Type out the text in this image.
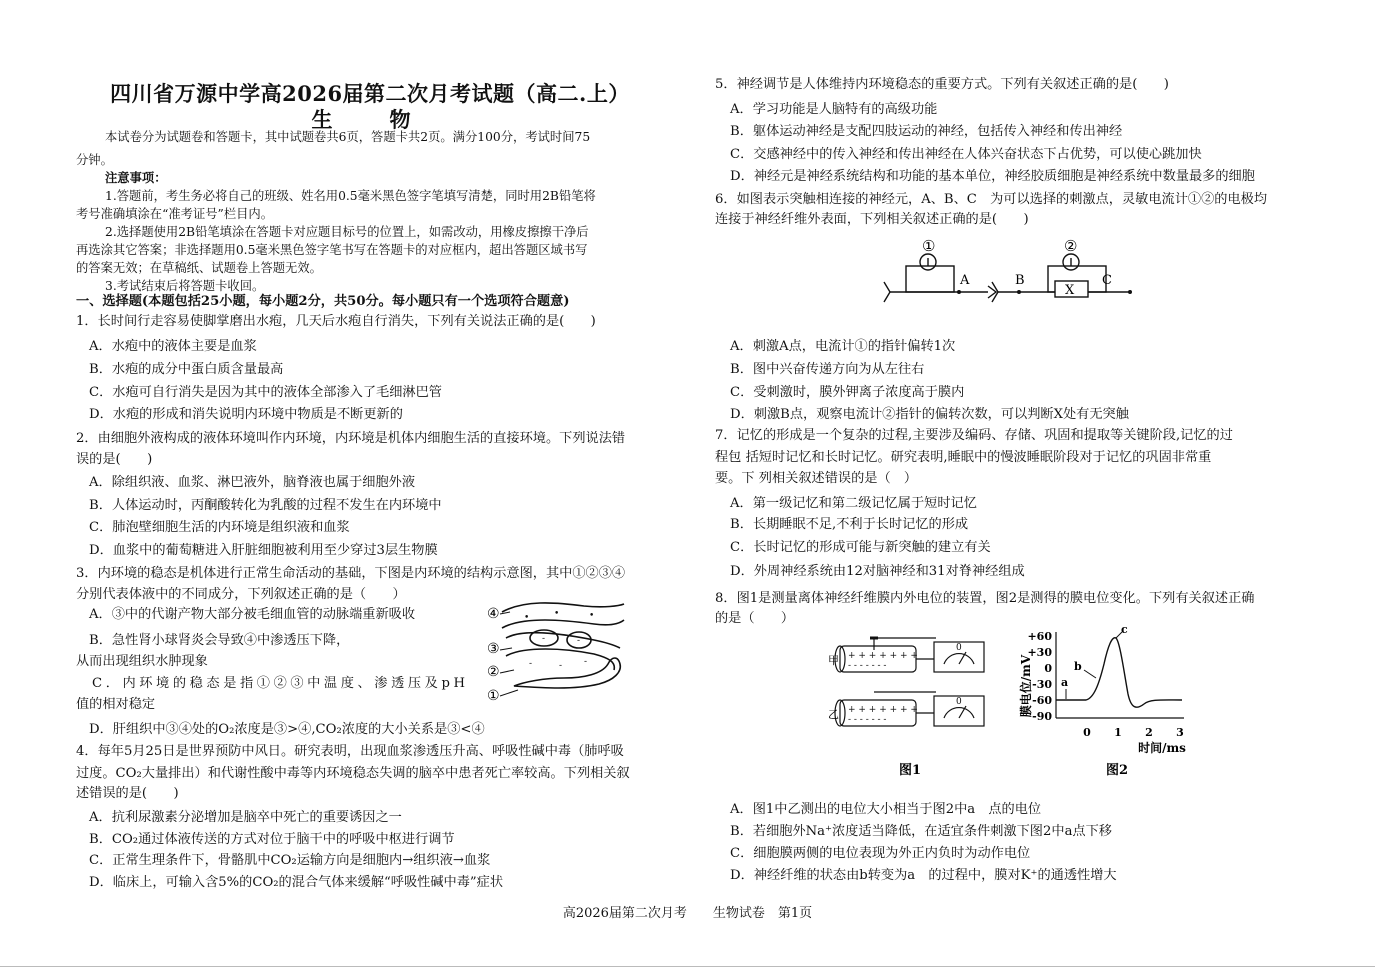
四川省万源中学高2026届第二次月考试题（高二.上）
生　物
本试卷分为试题卷和答题卡，其中试题卷共6页，答题卡共2页。满分100分，考试时间75
分钟。
注意事项：
1.答题前，考生务必将自己的班级、姓名用0.5毫米黑色签字笔填写清楚，同时用2B铅笔将
考号准确填涂在“准考证号”栏目内。
2.选择题使用2B铅笔填涂在答题卡对应题目标号的位置上，如需改动，用橡皮擦擦干净后
再选涂其它答案；非选择题用0.5毫米黑色签字笔书写在答题卡的对应框内，超出答题区域书写
的答案无效；在草稿纸、试题卷上答题无效。
3.考试结束后将答题卡收回。
一、选择题(本题包括25小题，每小题2分，共50分。每小题只有一个选项符合题意)
1．长时间行走容易使脚掌磨出水疱，几天后水疱自行消失，下列有关说法正确的是(　　)
A．水疱中的液体主要是血浆
B．水疱的成分中蛋白质含量最高
C．水疱可自行消失是因为其中的液体全部渗入了毛细淋巴管
D．水疱的形成和消失说明内环境中物质是不断更新的
2．由细胞外液构成的液体环境叫作内环境，内环境是机体内细胞生活的直接环境。下列说法错
误的是(　　)
A．除组织液、血浆、淋巴液外，脑脊液也属于细胞外液
B．人体运动时，丙酮酸转化为乳酸的过程不发生在内环境中
C．肺泡壁细胞生活的内环境是组织液和血浆
D．血浆中的葡萄糖进入肝脏细胞被利用至少穿过3层生物膜
3．内环境的稳态是机体进行正常生命活动的基础，下图是内环境的结构示意图，其中①②③④
分别代表体液中的不同成分，下列叙述正确的是（　　）
A．③中的代谢产物大部分被毛细血管的动脉端重新吸收
B．急性肾小球肾炎会导致④中渗透压下降，
从而出现组织水肿现象
C．内环境的稳态是指①②③中温度、渗透压及pH
值的相对稳定
D．肝组织中③④处的O₂浓度是③>④,CO₂浓度的大小关系是③<④
④
③
②
①
•	•	•
-	-
-	- -
4．每年5月25日是世界预防中风日。研究表明，出现血浆渗透压升高、呼吸性碱中毒（肺呼吸
过度。CO₂大量排出）和代谢性酸中毒等内环境稳态失调的脑卒中患者死亡率较高。下列相关叙
述错误的是(　　)
A．抗利尿激素分泌增加是脑卒中死亡的重要诱因之一
B．CO₂通过体液传送的方式对位于脑干中的呼吸中枢进行调节
C．正常生理条件下，骨骼肌中CO₂运输方向是细胞内→组织液→血浆
D．临床上，可输入含5%的CO₂的混合气体来缓解“呼吸性碱中毒”症状
5．神经调节是人体维持内环境稳态的重要方式。下列有关叙述正确的是(　　)
A．学习功能是人脑特有的高级功能
B．躯体运动神经是支配四肢运动的神经，包括传入神经和传出神经
C．交感神经中的传入神经和传出神经在人体兴奋状态下占优势，可以使心跳加快
D．神经元是神经系统结构和功能的基本单位，神经胶质细胞是神经系统中数量最多的细胞
6．如图表示突触相连接的神经元，A、B、C　为可以选择的刺激点，灵敏电流计①②的电极均
连接于神经纤维外表面，下列相关叙述正确的是(　　)
①	②
A	B	C
X
A．刺激A点，电流计①的指针偏转1次
B．图中兴奋传递方向为从左往右
C．受刺激时，膜外钾离子浓度高于膜内
D．刺激B点，观察电流计②指针的偏转次数，可以判断X处有无突触
7．记忆的形成是一个复杂的过程,主要涉及编码、存储、巩固和提取等关键阶段,记忆的过
程包 括短时记忆和长时记忆。研究表明,睡眠中的慢波睡眠阶段对于记忆的巩固非常重
要。下 列相关叙述错误的是（　）
A．第一级记忆和第二级记忆属于短时记忆
B．长期睡眠不足,不利于长时记忆的形成
C．长时记忆的形成可能与新突触的建立有关
D．外周神经系统由12对脑神经和31对脊神经组成
8．图1是测量离体神经纤维膜内外电位的装置，图2是测得的膜电位变化。下列有关叙述正确
的是（　　）
甲
乙
+ + + + + + +
- - - - - - -
+ + + + + + +
- - - - - - -
0
0
图1
膜电位/mV
+60
+30
0
-30
-60
-90
0 1 2 3
时间/ms
c
b
a
图2
A．图1中乙测出的电位大小相当于图2中a　点的电位
B．若细胞外Na⁺浓度适当降低，在适宜条件刺激下图2中a点下移
C．细胞膜两侧的电位表现为外正内负时为动作电位
D．神经纤维的状态由b转变为a　的过程中，膜对K⁺的通透性增大
高2026届第二次月考　　生物试卷　第1页
